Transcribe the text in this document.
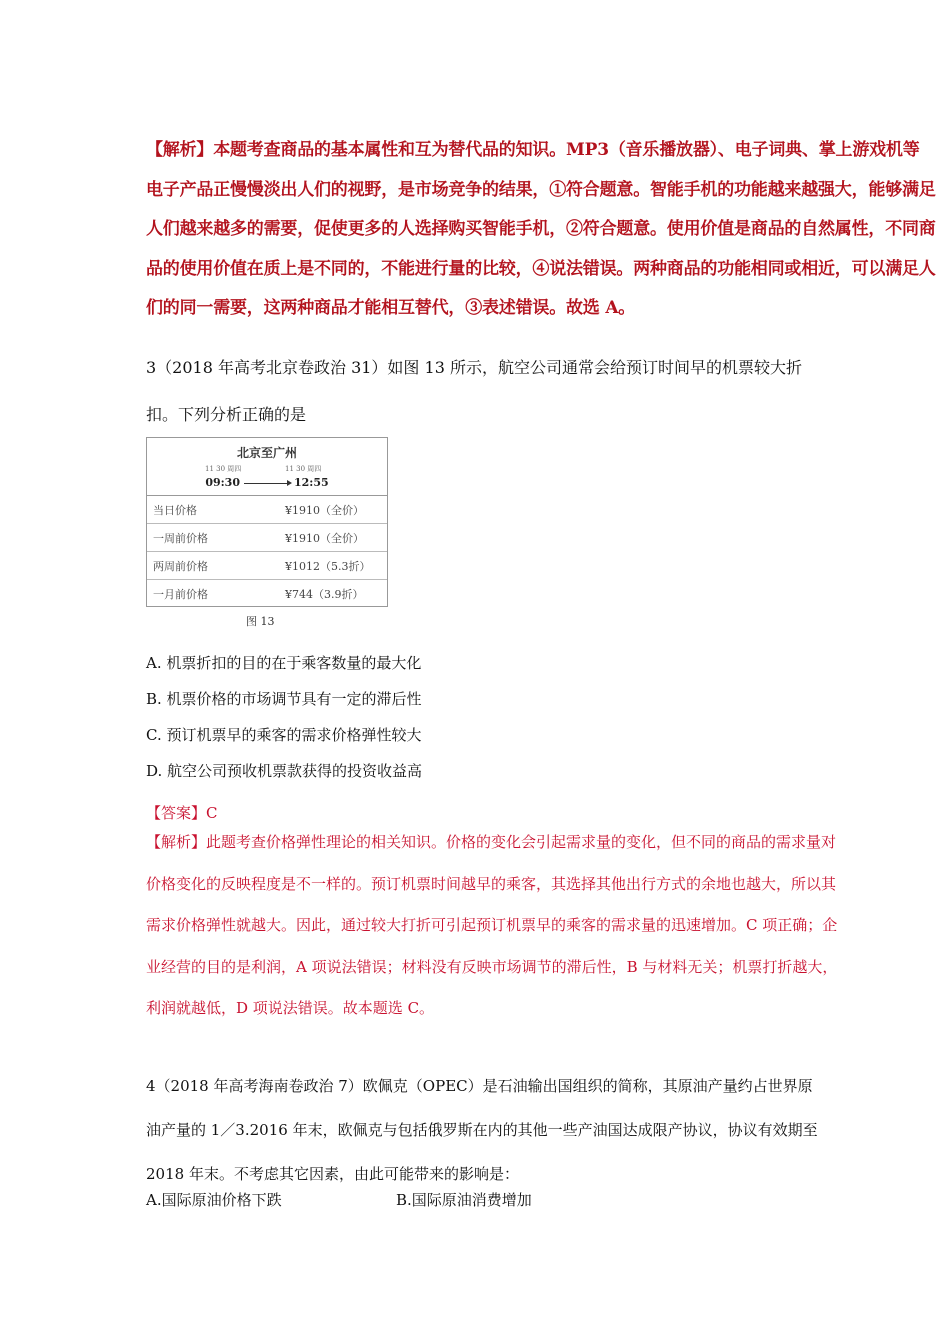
【解析】本题考查商品的基本属性和互为替代品的知识。MP3（音乐播放器）、电子词典、掌上游戏机等电子产品正慢慢淡出人们的视野，是市场竞争的结果，①符合题意。智能手机的功能越来越强大，能够满足人们越来越多的需要，促使更多的人选择购买智能手机，②符合题意。使用价值是商品的自然属性，不同商品的使用价值在质上是不同的，不能进行量的比较，④说法错误。两种商品的功能相同或相近，可以满足人们的同一需要，这两种商品才能相互替代，③表述错误。故选 A。
3（2018 年高考北京卷政治 31）如图 13 所示，航空公司通常会给预订时间早的机票较大折扣。下列分析正确的是
北京至广州
11 30 周四	11 30 周四
09:30	12:55
当日价格	¥1910（全价）
一周前价格	¥1910（全价）
两周前价格	¥1012（5.3折）
一月前价格	¥744（3.9折）
图 13
A. 机票折扣的目的在于乘客数量的最大化
B. 机票价格的市场调节具有一定的滞后性
C. 预订机票早的乘客的需求价格弹性较大
D. 航空公司预收机票款获得的投资收益高
【答案】C
【解析】此题考查价格弹性理论的相关知识。价格的变化会引起需求量的变化，但不同的商品的需求量对价格变化的反映程度是不一样的。预订机票时间越早的乘客，其选择其他出行方式的余地也越大，所以其需求价格弹性就越大。因此，通过较大打折可引起预订机票早的乘客的需求量的迅速增加。C 项正确；企业经营的目的是利润，A 项说法错误；材料没有反映市场调节的滞后性，B 与材料无关；机票打折越大，利润就越低，D 项说法错误。故本题选 C。
4（2018 年高考海南卷政治 7）欧佩克（OPEC）是石油输出国组织的简称，其原油产量约占世界原油产量的 1／3.2016 年末，欧佩克与包括俄罗斯在内的其他一些产油国达成限产协议，协议有效期至 2018 年末。不考虑其它因素，由此可能带来的影响是：
A.国际原油价格下跌	B.国际原油消费增加
